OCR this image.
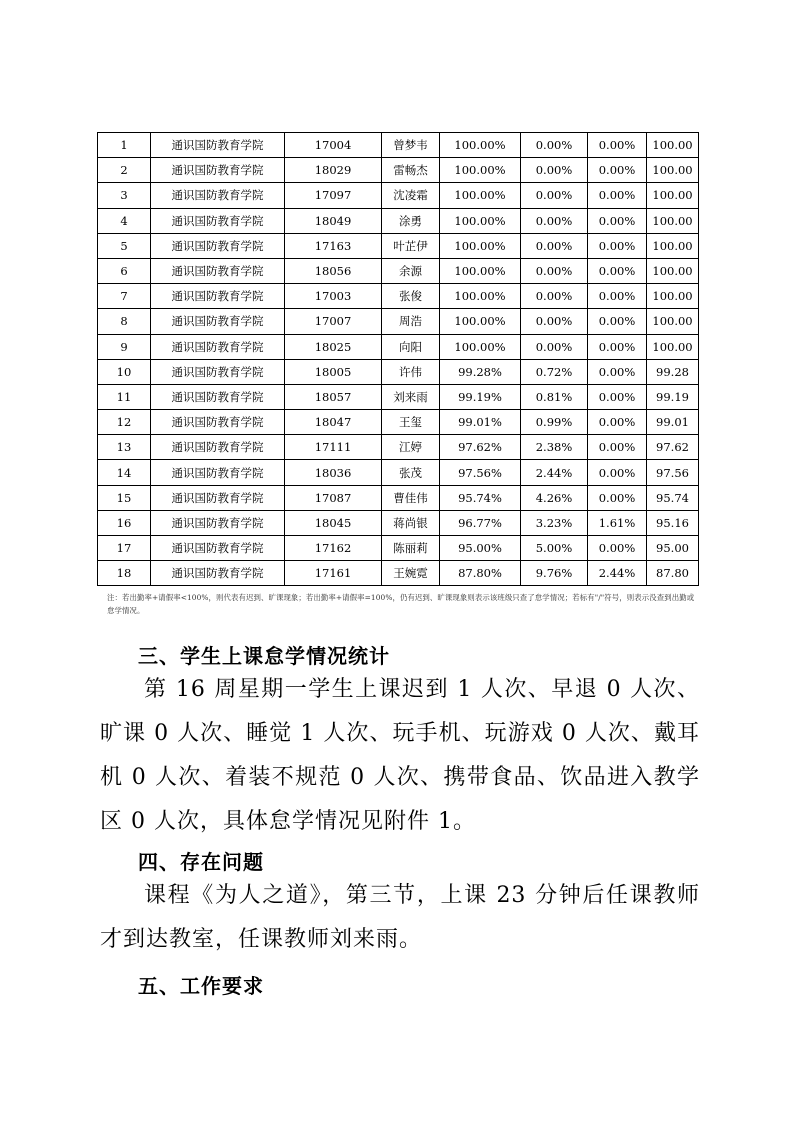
1	通识国防教育学院	17004	曾梦韦	100.00%	0.00%	0.00%	100.00
2	通识国防教育学院	18029	雷畅杰	100.00%	0.00%	0.00%	100.00
3	通识国防教育学院	17097	沈凌霜	100.00%	0.00%	0.00%	100.00
4	通识国防教育学院	18049	涂勇	100.00%	0.00%	0.00%	100.00
5	通识国防教育学院	17163	叶芷伊	100.00%	0.00%	0.00%	100.00
6	通识国防教育学院	18056	余源	100.00%	0.00%	0.00%	100.00
7	通识国防教育学院	17003	张俊	100.00%	0.00%	0.00%	100.00
8	通识国防教育学院	17007	周浩	100.00%	0.00%	0.00%	100.00
9	通识国防教育学院	18025	向阳	100.00%	0.00%	0.00%	100.00
10	通识国防教育学院	18005	许伟	99.28%	0.72%	0.00%	99.28
11	通识国防教育学院	18057	刘来雨	99.19%	0.81%	0.00%	99.19
12	通识国防教育学院	18047	王玺	99.01%	0.99%	0.00%	99.01
13	通识国防教育学院	17111	江婷	97.62%	2.38%	0.00%	97.62
14	通识国防教育学院	18036	张茂	97.56%	2.44%	0.00%	97.56
15	通识国防教育学院	17087	曹佳伟	95.74%	4.26%	0.00%	95.74
16	通识国防教育学院	18045	蒋尚银	96.77%	3.23%	1.61%	95.16
17	通识国防教育学院	17162	陈丽莉	95.00%	5.00%	0.00%	95.00
18	通识国防教育学院	17161	王婉霓	87.80%	9.76%	2.44%	87.80
注：若出勤率+请假率<100%，则代表有迟到、旷课现象；若出勤率+请假率=100%，仍有迟到、旷课现象则表示该班级只查了怠学情况；若标有"/"符号，则表示没查到出勤或怠学情况。
三、学生上课怠学情况统计

第 16 周星期一学生上课迟到 1 人次、早退 0 人次、旷课 0 人次、睡觉 1 人次、玩手机、玩游戏 0 人次、戴耳机 0 人次、着装不规范 0 人次、携带食品、饮品进入教学区 0 人次，具体怠学情况见附件 1。

四、存在问题

课程《为人之道》，第三节，上课 23 分钟后任课教师才到达教室，任课教师刘来雨。

五、工作要求
